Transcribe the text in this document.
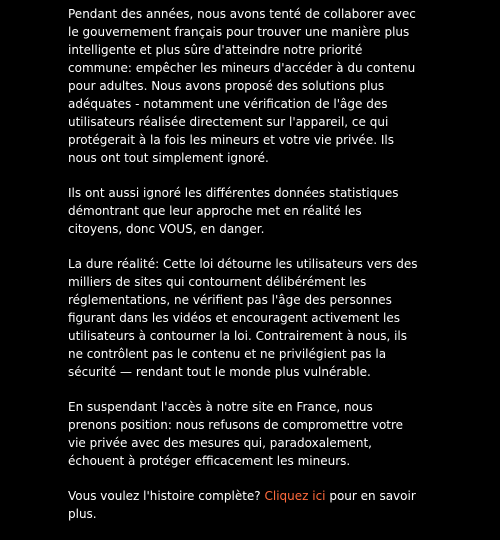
Pendant des années, nous avons tenté de collaborer avec le gouvernement français pour trouver une manière plus intelligente et plus sûre d'atteindre notre priorité commune: empêcher les mineurs d'accéder à du contenu pour adultes. Nous avons proposé des solutions plus adéquates - notamment une vérification de l'âge des utilisateurs réalisée directement sur l'appareil, ce qui protégerait à la fois les mineurs et votre vie privée. Ils nous ont tout simplement ignoré.

Ils ont aussi ignoré les différentes données statistiques démontrant que leur approche met en réalité les citoyens, donc VOUS, en danger.

La dure réalité: Cette loi détourne les utilisateurs vers des milliers de sites qui contournent délibérément les réglementations, ne vérifient pas l'âge des personnes figurant dans les vidéos et encouragent activement les utilisateurs à contourner la loi. Contrairement à nous, ils ne contrôlent pas le contenu et ne privilégient pas la sécurité — rendant tout le monde plus vulnérable.

En suspendant l'accès à notre site en France, nous prenons position: nous refusons de compromettre votre vie privée avec des mesures qui, paradoxalement, échouent à protéger efficacement les mineurs.

Vous voulez l'histoire complète? Cliquez ici pour en savoir plus.
